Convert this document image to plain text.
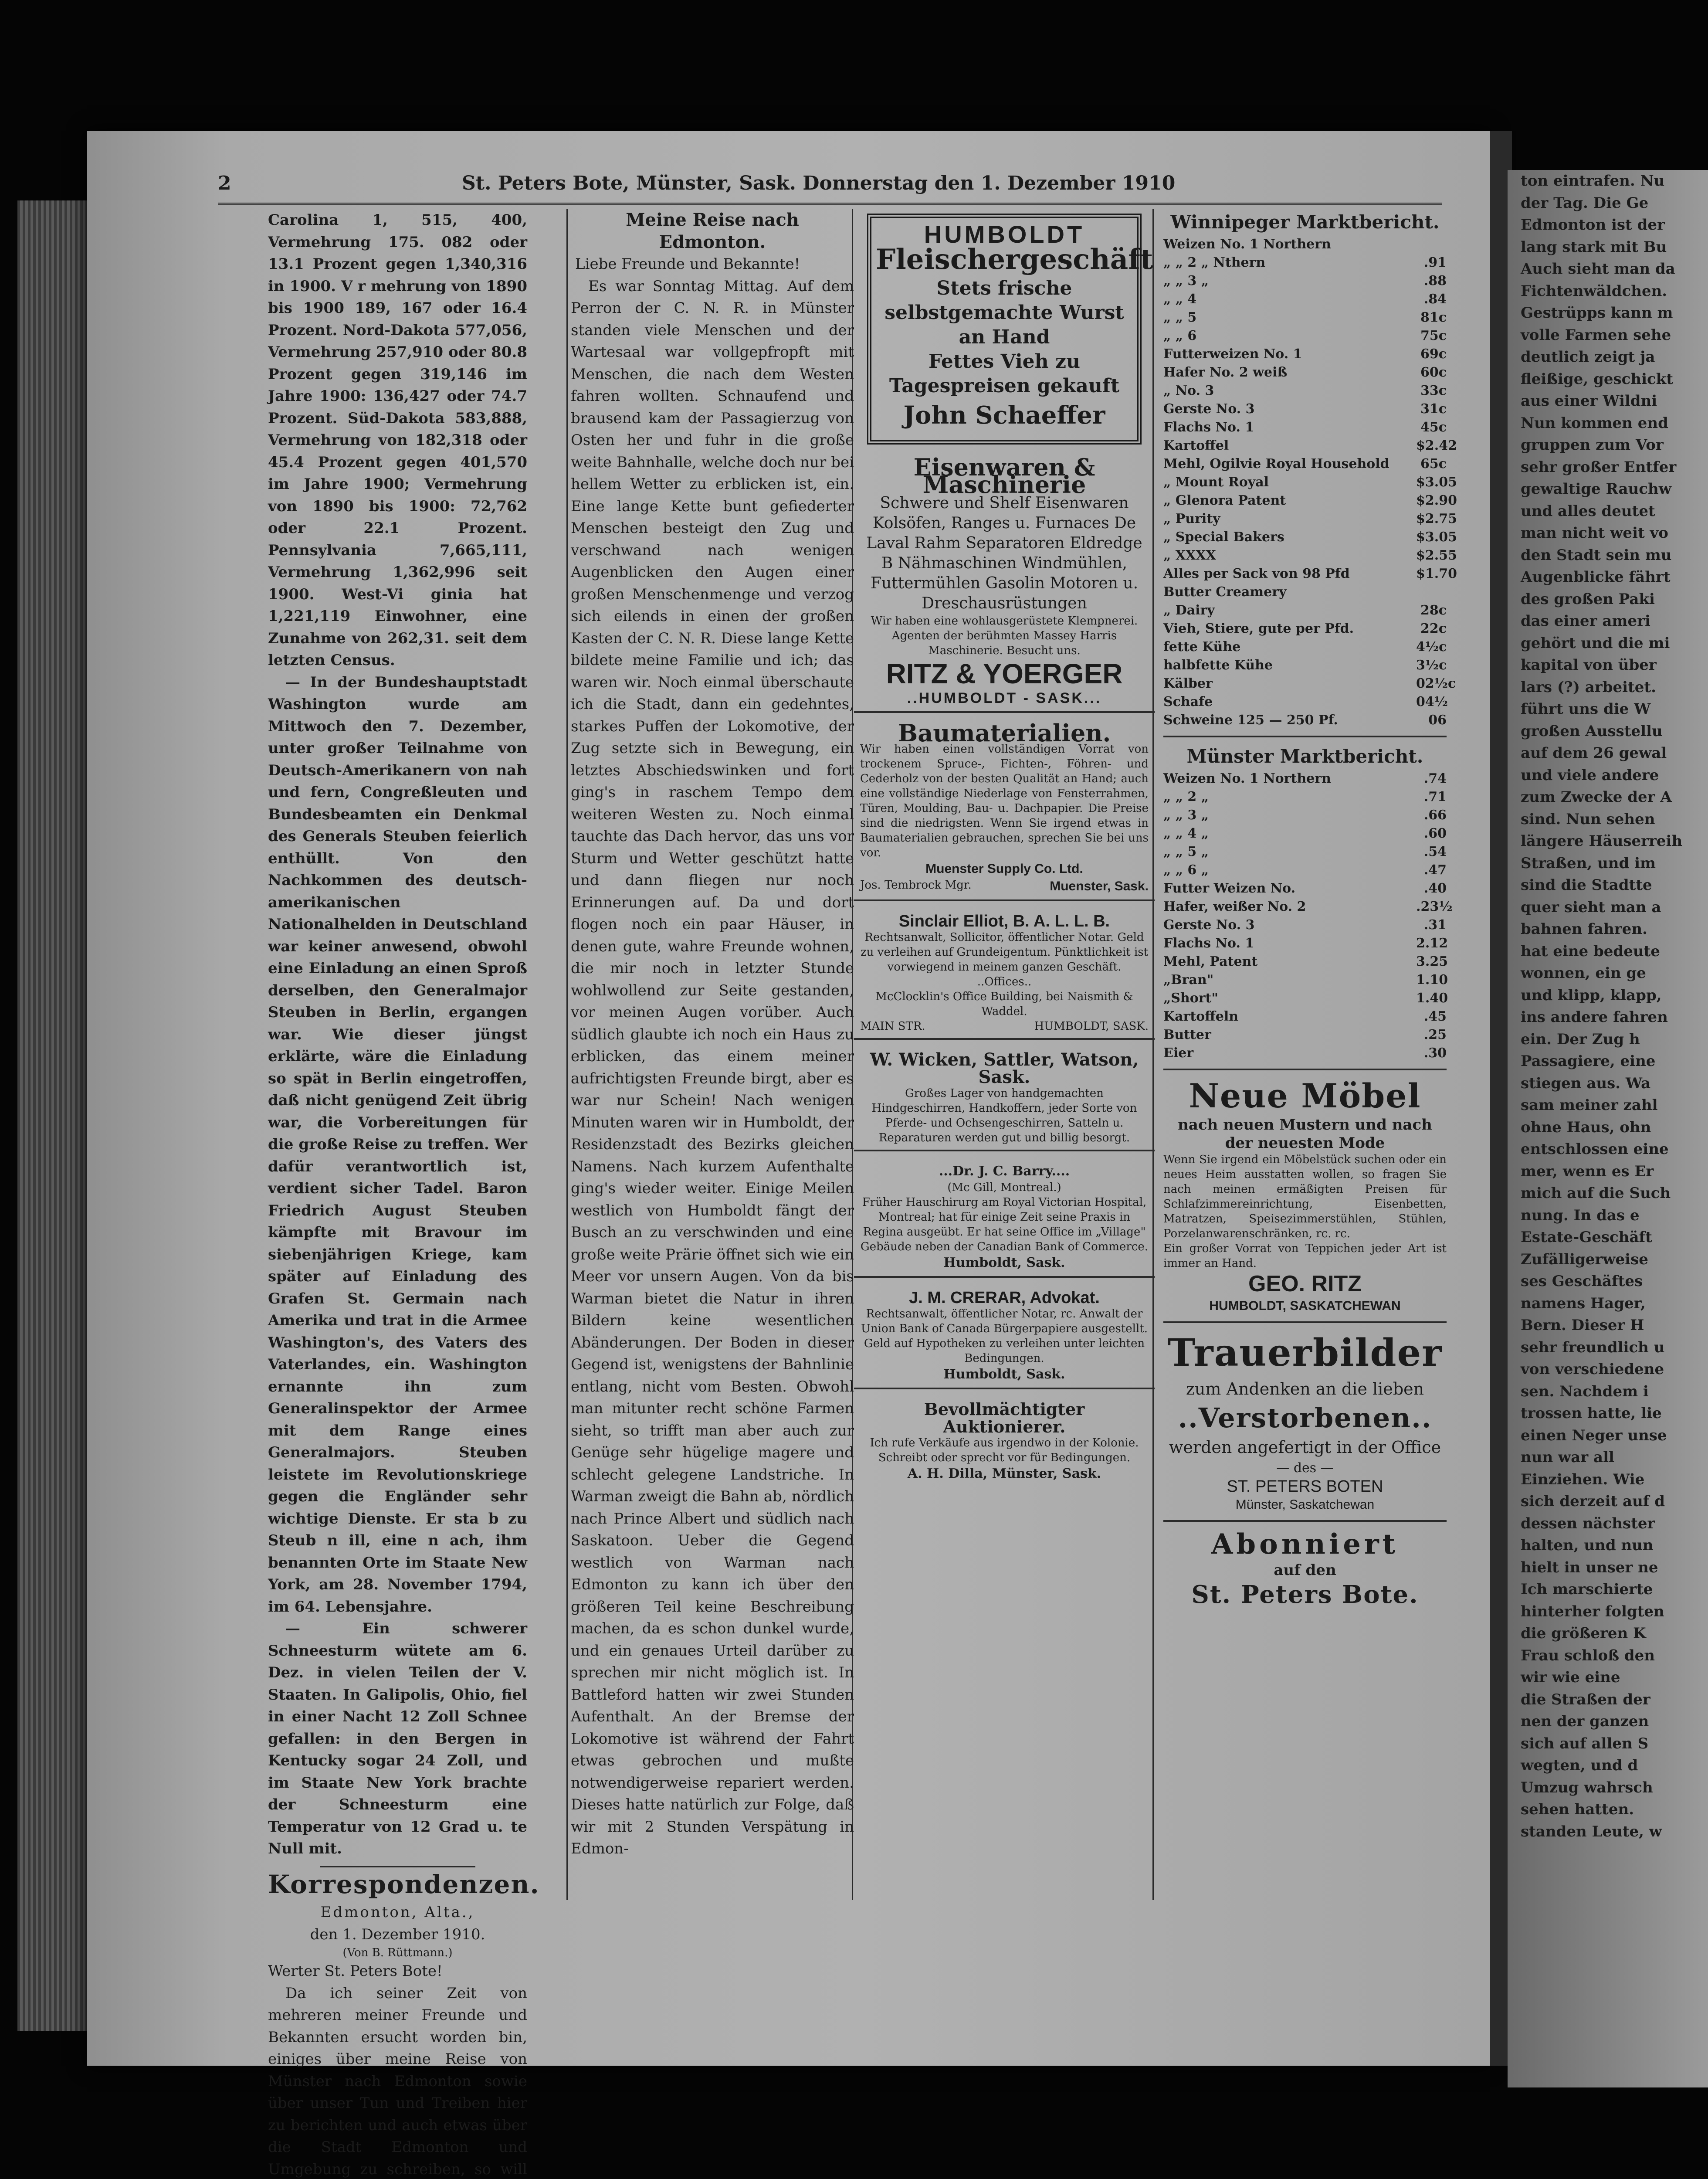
2	St. Peters Bote, Münster, Sask. Donnerstag den 1. Dezember 1910

Carolina 1, 515, 400, Vermehrung 175. 082 oder 13.1 Prozent gegen 1,340,316 in 1900. V r mehrung von 1890 bis 1900 189, 167 oder 16.4 Prozent. Nord-Dakota 577,056, Vermehrung 257,910 oder 80.8 Prozent gegen 319,146 im Jahre 1900: 136,427 oder 74.7 Prozent. Süd-Dakota 583,888, Vermehrung von 182,318 oder 45.4 Prozent gegen 401,570 im Jahre 1900; Vermehrung von 1890 bis 1900: 72,762 oder 22.1 Prozent. Pennsylvania 7,665,111, Vermehrung 1,362,996 seit 1900. West-Vi ginia hat 1,221,119 Einwohner, eine Zunahme von 262,31. seit dem letzten Census.

— In der Bundeshauptstadt Washington wurde am Mittwoch den 7. Dezember, unter großer Teilnahme von Deutsch-Amerikanern von nah und fern, Congreßleuten und Bundesbeamten ein Denkmal des Generals Steuben feierlich enthüllt. Von den Nachkommen des deutsch-amerikanischen Nationalhelden in Deutschland war keiner anwesend, obwohl eine Einladung an einen Sproß derselben, den Generalmajor Steuben in Berlin, ergangen war. Wie dieser jüngst erklärte, wäre die Einladung so spät in Berlin eingetroffen, daß nicht genügend Zeit übrig war, die Vorbereitungen für die große Reise zu treffen. Wer dafür verantwortlich ist, verdient sicher Tadel. Baron Friedrich August Steuben kämpfte mit Bravour im siebenjährigen Kriege, kam später auf Einladung des Grafen St. Germain nach Amerika und trat in die Armee Washington's, des Vaters des Vaterlandes, ein. Washington ernannte ihn zum Generalinspektor der Armee mit dem Range eines Generalmajors. Steuben leistete im Revolutionskriege gegen die Engländer sehr wichtige Dienste. Er sta b zu Steub n ill, eine n ach, ihm benannten Orte im Staate New York, am 28. November 1794, im 64. Lebensjahre.

— Ein schwerer Schneesturm wütete am 6. Dez. in vielen Teilen der V. Staaten. In Galipolis, Ohio, fiel in einer Nacht 12 Zoll Schnee gefallen: in den Bergen in Kentucky sogar 24 Zoll, und im Staate New York brachte der Schneesturm eine Temperatur von 12 Grad u. te Null mit.

Korrespondenzen.
Edmonton, Alta.,
den 1. Dezember 1910.
(Von B. Rüttmann.)
Werter St. Peters Bote!

Da ich seiner Zeit von mehreren meiner Freunde und Bekannten ersucht worden bin, einiges über meine Reise von Münster nach Edmonton sowie über unser Tun und Treiben hier zu berichten und auch etwas über die Stadt Edmonton und Umgebung zu schreiben, so will

Meine Reise nach Edmonton.
Liebe Freunde und Bekannte!

Es war Sonntag Mittag. Auf dem Perron der C. N. R. in Münster standen viele Menschen und der Wartesaal war vollgepfropft mit Menschen, die nach dem Westen fahren wollten. Schnaufend und brausend kam der Passagierzug von Osten her und fuhr in die große weite Bahnhalle, welche doch nur bei hellem Wetter zu erblicken ist, ein. Eine lange Kette bunt gefiederter Menschen besteigt den Zug und verschwand nach wenigen Augenblicken den Augen einer großen Menschenmenge und verzog sich eilends in einen der großen Kasten der C. N. R. Diese lange Kette bildete meine Familie und ich; das waren wir. Noch einmal überschaute ich die Stadt, dann ein gedehntes, starkes Puffen der Lokomotive, der Zug setzte sich in Bewegung, ein letztes Abschiedswinken und fort ging's in raschem Tempo dem weiteren Westen zu. Noch einmal tauchte das Dach hervor, das uns vor Sturm und Wetter geschützt hatte und dann fliegen nur noch Erinnerungen auf. Da und dort flogen noch ein paar Häuser, in denen gute, wahre Freunde wohnen, die mir noch in letzter Stunde wohlwollend zur Seite gestanden, vor meinen Augen vorüber. Auch südlich glaubte ich noch ein Haus zu erblicken, das einem meiner aufrichtigsten Freunde birgt, aber es war nur Schein! Nach wenigen Minuten waren wir in Humboldt, der Residenzstadt des Bezirks gleichen Namens. Nach kurzem Aufenthalte ging's wieder weiter. Einige Meilen westlich von Humboldt fängt der Busch an zu verschwinden und eine große weite Prärie öffnet sich wie ein Meer vor unsern Augen. Von da bis Warman bietet die Natur in ihren Bildern keine wesentlichen Abänderungen. Der Boden in dieser Gegend ist, wenigstens der Bahnlinie entlang, nicht vom Besten. Obwohl man mitunter recht schöne Farmen sieht, so trifft man aber auch zur Genüge sehr hügelige magere und schlecht gelegene Landstriche. In Warman zweigt die Bahn ab, nördlich nach Prince Albert und südlich nach Saskatoon. Ueber die Gegend westlich von Warman nach Edmonton zu kann ich über den größeren Teil keine Beschreibung machen, da es schon dunkel wurde, und ein genaues Urteil darüber zu sprechen mir nicht möglich ist. In Battleford hatten wir zwei Stunden Aufenthalt. An der Bremse der Lokomotive ist während der Fahrt etwas gebrochen und mußte notwendigerweise repariert werden. Dieses hatte natürlich zur Folge, daß wir mit 2 Stunden Verspätung in Edmon-

HUMBOLDT
Fleischergeschäft
Stets frische selbstgemachte Wurst an Hand
Fettes Vieh zu Tagespreisen gekauft
John Schaeffer
Eisenwaren & Maschinerie
Schwere und Shelf Eisenwaren Kolsöfen, Ranges u. Furnaces De Laval Rahm Separatoren Eldredge B Nähmaschinen Windmühlen, Futtermühlen Gasolin Motoren u. Dreschausrüstungen
Wir haben eine wohlausgerüstete Klempnerei. Agenten der berühmten Massey Harris Maschinerie. Besucht uns.
RITZ & YOERGER
..HUMBOLDT - SASK...
Baumaterialien.
Wir haben einen vollständigen Vorrat von trockenem Spruce-, Fichten-, Föhren- und Cederholz von der besten Qualität an Hand; auch eine vollständige Niederlage von Fensterrahmen, Türen, Moulding, Bau- u. Dachpapier. Die Preise sind die niedrigsten. Wenn Sie irgend etwas in Baumaterialien gebrauchen, sprechen Sie bei uns vor.
Muenster Supply Co. Ltd.
Jos. Tembrock Mgr.	Muenster, Sask.
Sinclair Elliot, B. A. L. L. B.
Rechtsanwalt, Sollicitor, öffentlicher Notar. Geld zu verleihen auf Grundeigentum. Pünktlichkeit ist vorwiegend in meinem ganzen Geschäft.
..Offices..
McClocklin's Office Building, bei Naismith & Waddel.
MAIN STR.	HUMBOLDT, SASK.
W. Wicken, Sattler, Watson, Sask.
Großes Lager von handgemachten Hindgeschirren, Handkoffern, jeder Sorte von Pferde- und Ochsengeschirren, Satteln u. Reparaturen werden gut und billig besorgt.
...Dr. J. C. Barry....
(Mc Gill, Montreal.)
Früher Hauschirurg am Royal Victorian Hospital, Montreal; hat für einige Zeit seine Praxis in Regina ausgeübt. Er hat seine Office im „Village" Gebäude neben der Canadian Bank of Commerce.
Humboldt, Sask.
J. M. CRERAR, Advokat.
Rechtsanwalt, öffentlicher Notar, rc. Anwalt der Union Bank of Canada Bürgerpapiere ausgestellt. Geld auf Hypotheken zu verleihen unter leichten Bedingungen.
Humboldt, Sask.
Bevollmächtigter Auktionierer.
Ich rufe Verkäufe aus irgendwo in der Kolonie. Schreibt oder sprecht vor für Bedingungen.
A. H. Dilla, Münster, Sask.
Winnipeger Marktbericht.
Weizen No. 1 Northern
„ „ 2 „ Nthern	.91
„ „ 3 „	.88
„ „ 4	.84
„ „ 5	81c
„ „ 6	75c
Futterweizen No. 1	69c
Hafer No. 2 weiß	60c
„ No. 3	33c
Gerste No. 3	31c
Flachs No. 1	45c
Kartoffel	$2.42
Mehl, Ogilvie Royal Household	65c
„ Mount Royal	$3.05
„ Glenora Patent	$2.90
„ Purity	$2.75
„ Special Bakers	$3.05
„ XXXX	$2.55
Alles per Sack von 98 Pfd	$1.70
Butter Creamery
„ Dairy	28c
Vieh, Stiere, gute per Pfd.	22c
fette Kühe	4½c
halbfette Kühe	3½c
Kälber	02½c
Schafe	04½
Schweine 125 — 250 Pf.	06
Münster Marktbericht.
Weizen No. 1 Northern	.74
„ „ 2 „	.71
„ „ 3 „	.66
„ „ 4 „	.60
„ „ 5 „	.54
„ „ 6 „	.47
Futter Weizen No.	.40
Hafer, weißer No. 2	.23½
Gerste No. 3	.31
Flachs No. 1	2.12
Mehl, Patent	3.25
„Bran"	1.10
„Short"	1.40
Kartoffeln	.45
Butter	.25
Eier	.30
Neue Möbel
nach neuen Mustern und nach der neuesten Mode
Wenn Sie irgend ein Möbelstück suchen oder ein neues Heim ausstatten wollen, so fragen Sie nach meinen ermäßigten Preisen für Schlafzimmereinrichtung, Eisenbetten, Matratzen, Speisezimmerstühlen, Stühlen, Porzelanwarenschränken, rc. rc.
Ein großer Vorrat von Teppichen jeder Art ist immer an Hand.
GEO. RITZ
HUMBOLDT, SASKATCHEWAN
Trauerbilder
zum Andenken an die lieben
..Verstorbenen..
werden angefertigt in der Office
— des —
ST. PETERS BOTEN
Münster, Saskatchewan
Abonniert
auf den
St. Peters Bote.
ton eintrafen. Nu
der Tag. Die Ge
Edmonton ist der
lang stark mit Bu
Auch sieht man da
Fichtenwäldchen.
Gestrüpps kann m
volle Farmen sehe
deutlich zeigt ja
fleißige, geschickt
aus einer Wildni
Nun kommen end
gruppen zum Vor
sehr großer Entfer
gewaltige Rauchw
und alles deutet
man nicht weit vo
den Stadt sein mu
Augenblicke fährt
des großen Paki
das einer ameri
gehört und die mi
kapital von über
lars (?) arbeitet.
führt uns die W
großen Ausstellu
auf dem 26 gewal
und viele andere
zum Zwecke der A
sind. Nun sehen
längere Häuserreih
Straßen, und im
sind die Stadtte
quer sieht man a
bahnen fahren.
hat eine bedeute
wonnen, ein ge
und klipp, klapp,
ins andere fahren
ein. Der Zug h
Passagiere, eine
stiegen aus. Wa
sam meiner zahl
ohne Haus, ohn
entschlossen eine
mer, wenn es Er
mich auf die Such
nung. In das e
Estate-Geschäft
Zufälligerweise
ses Geschäftes
namens Hager,
Bern. Dieser H
sehr freundlich u
von verschiedene
sen. Nachdem i
trossen hatte, lie
einen Neger unse
nun war all
Einziehen. Wie
sich derzeit auf d
dessen nächster
halten, und nun
hielt in unser ne
Ich marschierte
hinterher folgten
die größeren K
Frau schloß den
wir wie eine
die Straßen der
nen der ganzen
sich auf allen S
wegten, und d
Umzug wahrsch
sehen hatten.
standen Leute, w
